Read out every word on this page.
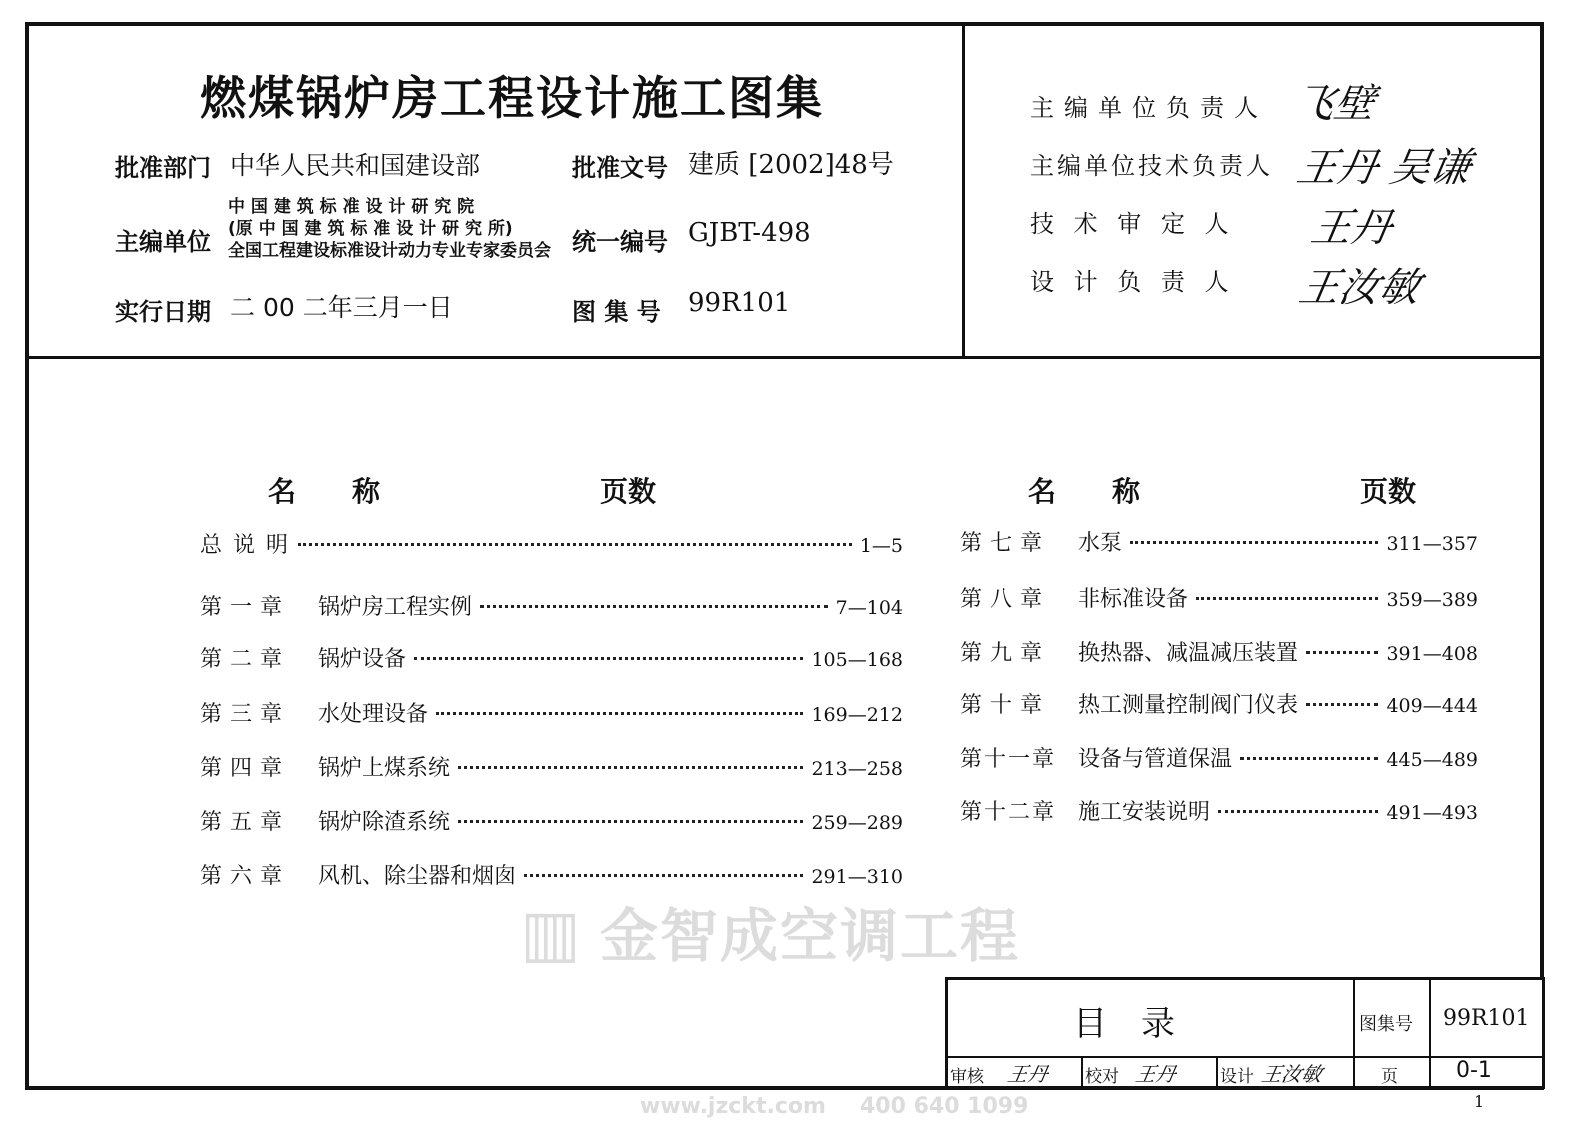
燃煤锅炉房工程设计施工图集
批准部门 中华人民共和国建设部	批准文号 建质 [2002]48号
主编单位
中 国 建 筑 标 准 设 计 研 究 院
(原 中 国 建 筑 标 准 设 计 研 究 所)
全国工程建设标准设计动力专业专家委员会 统一编号 GJBT-498
实行日期 二 00 二年三月一日	图 集 号 99R101
主编单位负责人 飞壁
主编单位技术负责人 王丹 吴谦
技 术 审 定 人 王丹
设 计 负 责 人 王汝敏
名　　称	页数	名　　称	页数
总 说 明	1—5
第一章	锅炉房工程实例	7—104
第二章	锅炉设备	105—168
第三章	水处理设备	169—212
第四章	锅炉上煤系统	213—258
第五章	锅炉除渣系统	259—289
第六章	风机、除尘器和烟囱	291—310
第七章	水泵	311—357
第八章	非标准设备	359—389
第九章	换热器、减温减压装置	391—408
第十章	热工测量控制阀门仪表	409—444
第十一章 设备与管道保温	445—489
第十二章 施工安装说明	491—493
▥ 金智成空调工程
www.jzckt.com 400 640 1099
目　录	图集号 99R101
审核 王丹 校对 王丹 设计 王汝敏	页	0-1
1
